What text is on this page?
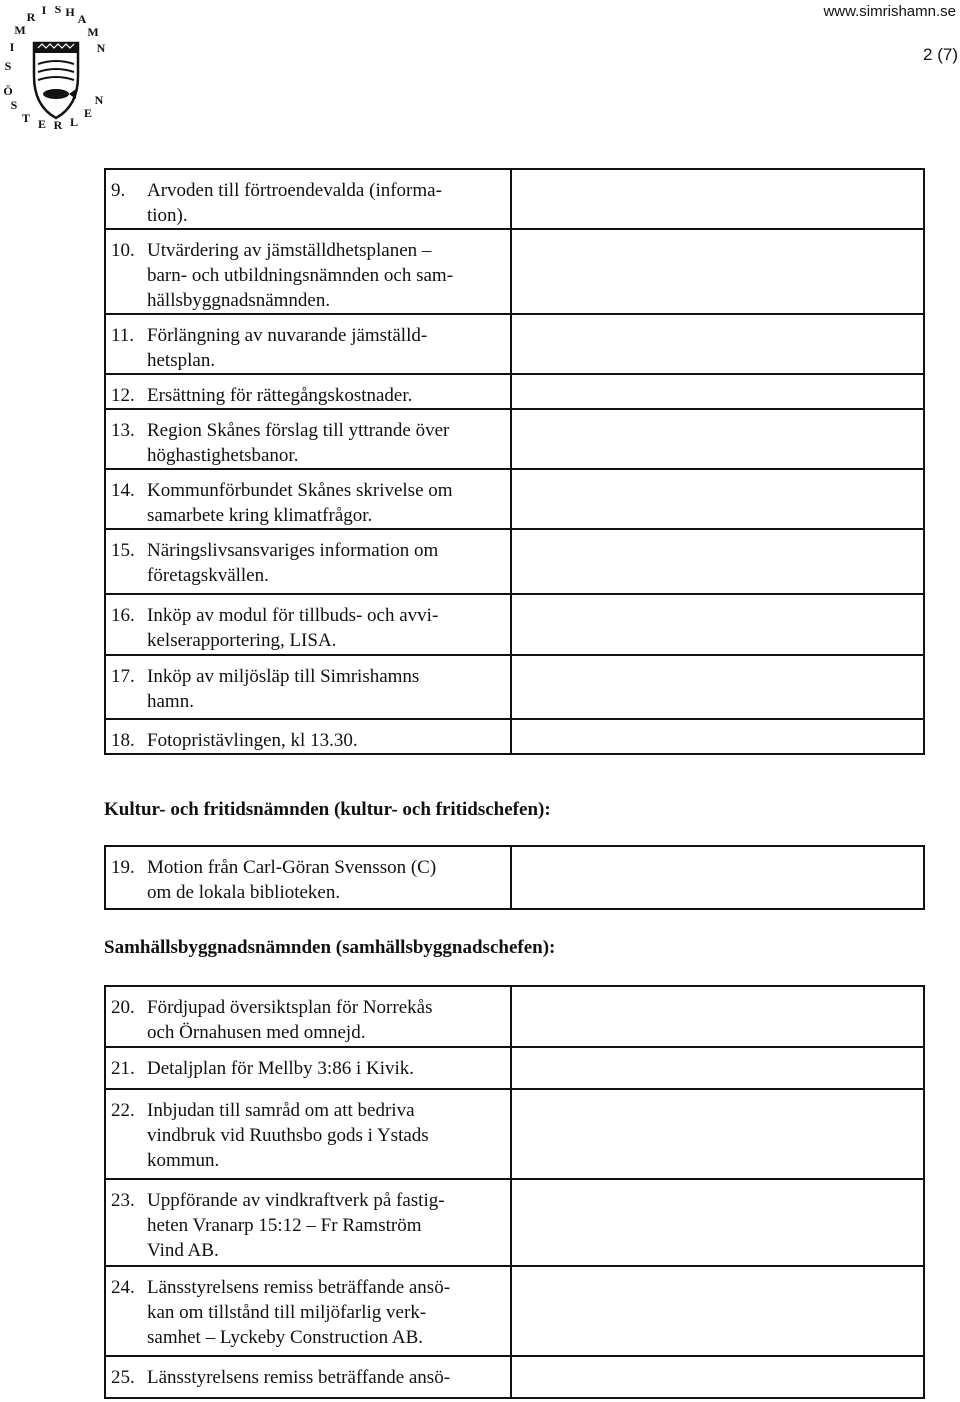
www.simrishamn.se
2 (7)
S
I
M
R I S H A
M
N
Ö
S
T E R L
E
N
9. Arvoden till förtroendevalda (informa-
tion).	

10. Utvärdering av jämställdhetsplanen –
barn- och utbildningsnämnden och sam-
hällsbyggnadsnämnden.	

11. Förlängning av nuvarande jämställd-
hetsplan.	

12. Ersättning för rättegångskostnader.	

13. Region Skånes förslag till yttrande över
höghastighetsbanor.	

14. Kommunförbundet Skånes skrivelse om
samarbete kring klimatfrågor.	

15. Näringslivsansvariges information om
företagskvällen.	

16. Inköp av modul för tillbuds- och avvi-
kelserapportering, LISA.	

17. Inköp av miljösläp till Simrishamns
hamn.	

18. Fotopristävlingen, kl 13.30.	

Kultur- och fritidsnämnden (kultur- och fritidschefen):
19. Motion från Carl-Göran Svensson (C)
om de lokala biblioteken.

Samhällsbyggnadsnämnden (samhällsbyggnadschefen):
20. Fördjupad översiktsplan för Norrekås
och Örnahusen med omnejd.	

21. Detaljplan för Mellby 3:86 i Kivik.	

22. Inbjudan till samråd om att bedriva
vindbruk vid Ruuthsbo gods i Ystads
kommun.	

23. Uppförande av vindkraftverk på fastig-
heten Vranarp 15:12 – Fr Ramström
Vind AB.	

24. Länsstyrelsens remiss beträffande ansö-
kan om tillstånd till miljöfarlig verk-
samhet – Lyckeby Construction AB.	

25. Länsstyrelsens remiss beträffande ansö-	
